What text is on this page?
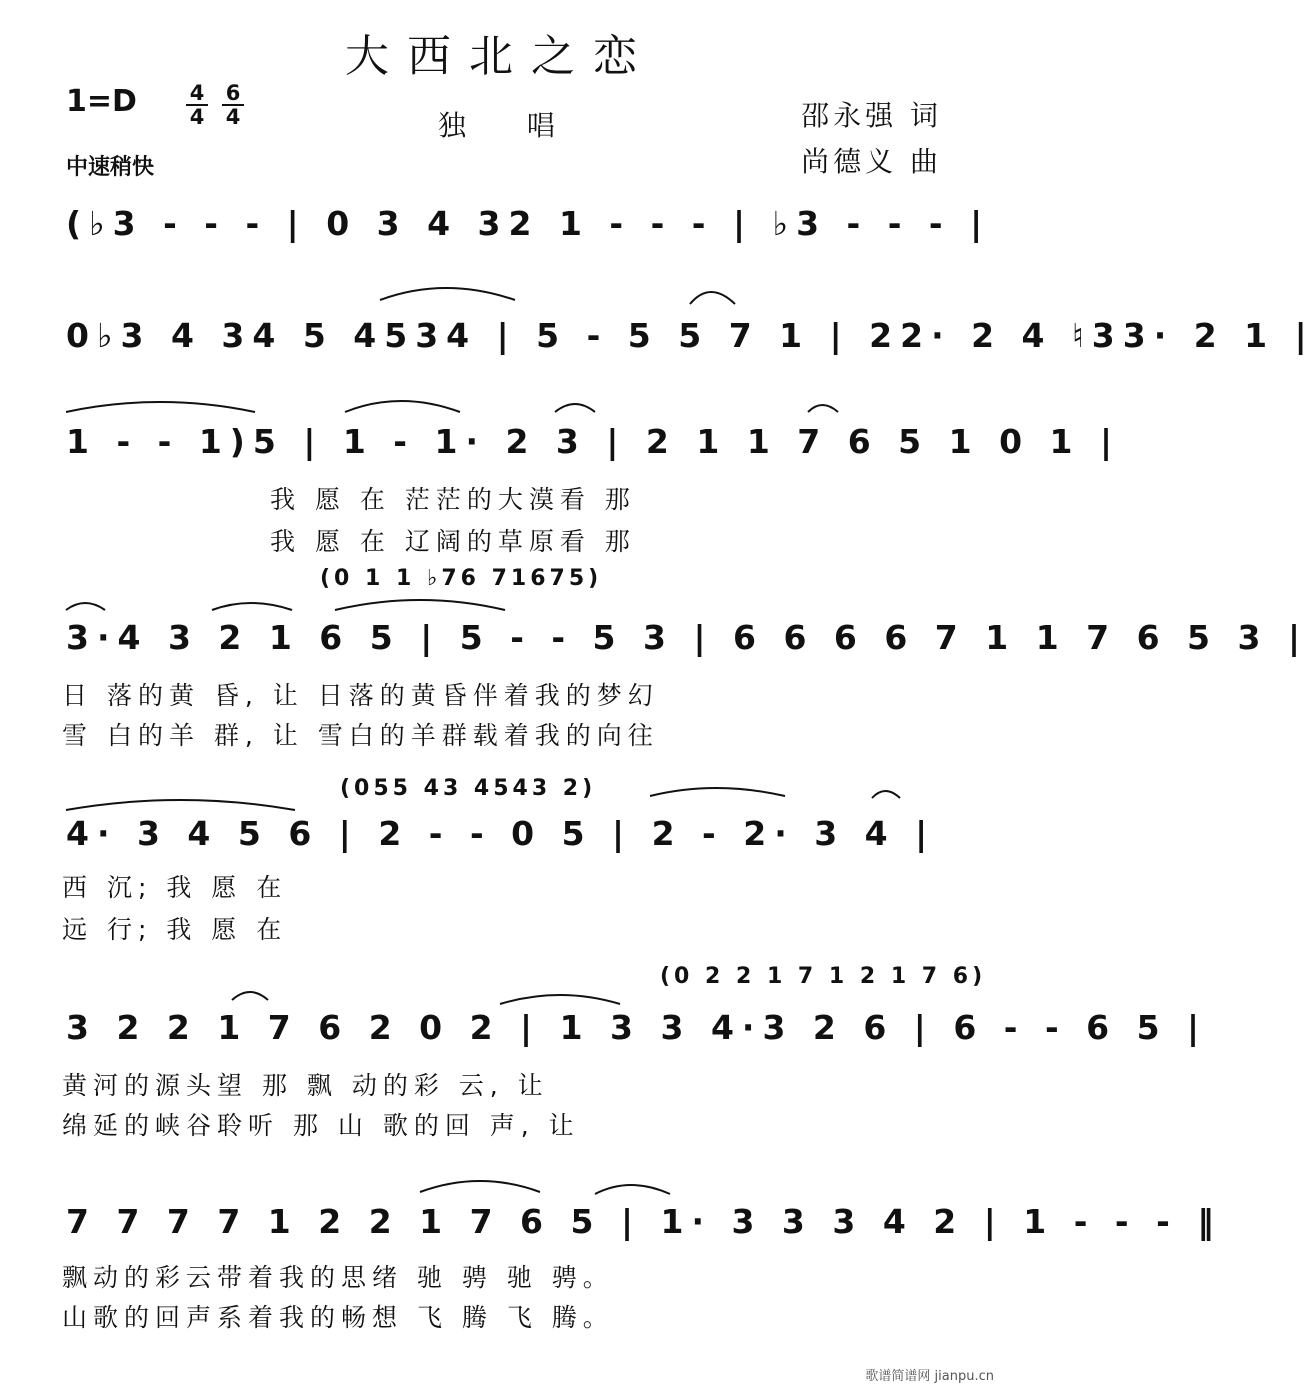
大西北之恋
1=D	4
4
6
4	独 唱	邵永强 词
尚德义 曲
中速稍快
(♭3 - - - | 0 3 4 32 1 - - - | ♭3 - - - |
0♭3 4 34 5 4534 | 5 - 5 5 7 1 | 22· 2 4 ♮33· 2 1 |
1 - - 1)5 | 1 - 1· 2 3 | 2 1 1 7 6 5 1 0 1 |
我 愿 在 茫茫的大漠看 那
我 愿 在 辽阔的草原看 那
(0 1 1 ♭76 71675)
3·4 3 2 1 6 5 | 5 - - 5 3 | 6 6 6 6 7 1 1 7 6 5 3 |
日 落的黄 昏, 让 日落的黄昏伴着我的梦幻
雪 白的羊 群, 让 雪白的羊群载着我的向往
(055 43 4543 2)
4· 3 4 5 6 | 2 - - 0 5 | 2 - 2· 3 4 |
西 沉; 我 愿 在
远 行; 我 愿 在
(0 2 2 1 7 1 2 1 7 6)
3 2 2 1 7 6 2 0 2 | 1 3 3 4·3 2 6 | 6 - - 6 5 |
黄河的源头望 那 飘 动的彩 云, 让
绵延的峡谷聆听 那 山 歌的回 声, 让
7 7 7 7 1 2 2 1 7 6 5 | 1· 3 3 3 4 2 | 1 - - - ‖
飘动的彩云带着我的思绪 驰 骋 驰 骋。
山歌的回声系着我的畅想 飞 腾 飞 腾。
歌谱简谱网 jianpu.cn
